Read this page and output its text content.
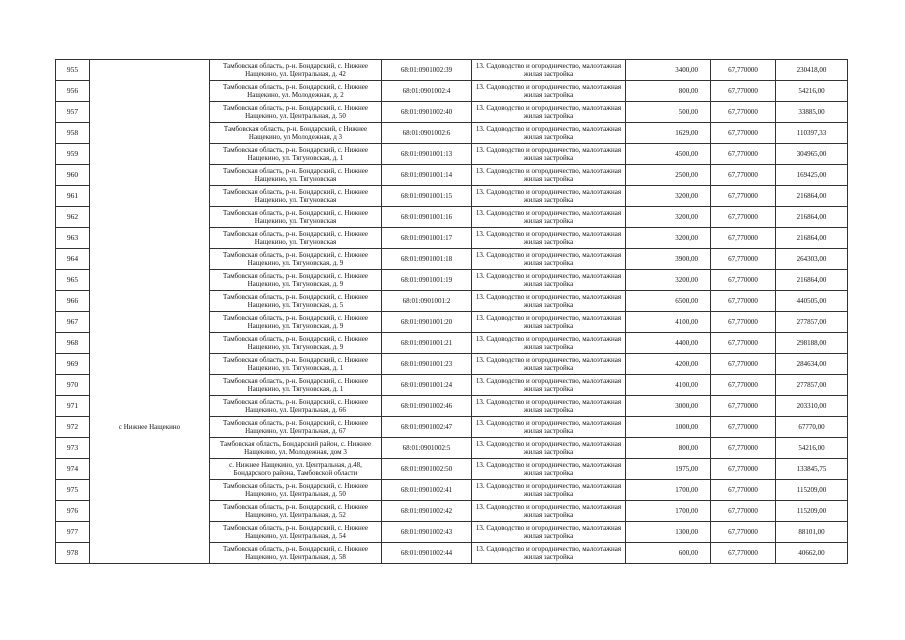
955		Тамбовская область, р-н. Бондарский, с. Нижнее Нащекино, ул. Центральная, д. 42	68:01:0901002:39	13. Садоводство и огородничество, малоэтажная жилая застройка	3400,00	67,770000	230418,00
956		Тамбовская область, р-н. Бондарский, с. Нижнее Нащекино, ул. Молодежная, д. 2	68:01:0901002:4	13. Садоводство и огородничество, малоэтажная жилая застройка	800,00	67,770000	54216,00
957		Тамбовская область, р-н. Бондарский, с. Нижнее Нащекино, ул. Центральная, д. 50	68:01:0901002:40	13. Садоводство и огородничество, малоэтажная жилая застройка	500,00	67,770000	33885,00
958		Тамбовская область, р-н. Бондарский, с Нижнее Нащекино, ул Молодежная, д 3	68:01:0901002:6	13. Садоводство и огородничество, малоэтажная жилая застройка	1629,00	67,770000	110397,33
959		Тамбовская область, р-н. Бондарский, с. Нижнее Нащекино, ул. Тягуновская, д. 1	68:01:0901001:13	13. Садоводство и огородничество, малоэтажная жилая застройка	4500,00	67,770000	304965,00
960		Тамбовская область, р-н. Бондарский, с. Нижнее Нащекино, ул. Тягуновская	68:01:0901001:14	13. Садоводство и огородничество, малоэтажная жилая застройка	2500,00	67,770000	169425,00
961		Тамбовская область, р-н. Бондарский, с. Нижнее Нащекино, ул. Тягуновская	68:01:0901001:15	13. Садоводство и огородничество, малоэтажная жилая застройка	3200,00	67,770000	216864,00
962		Тамбовская область, р-н. Бондарский, с. Нижнее Нащекино, ул. Тягуновская	68:01:0901001:16	13. Садоводство и огородничество, малоэтажная жилая застройка	3200,00	67,770000	216864,00
963		Тамбовская область, р-н. Бондарский, с. Нижнее Нащекино, ул. Тягуновская	68:01:0901001:17	13. Садоводство и огородничество, малоэтажная жилая застройка	3200,00	67,770000	216864,00
964		Тамбовская область, р-н. Бондарский, с. Нижнее Нащекино, ул. Тягуновская, д. 9	68:01:0901001:18	13. Садоводство и огородничество, малоэтажная жилая застройка	3900,00	67,770000	264303,00
965		Тамбовская область, р-н. Бондарский, с. Нижнее Нащекино, ул. Тягуновская, д. 9	68:01:0901001:19	13. Садоводство и огородничество, малоэтажная жилая застройка	3200,00	67,770000	216864,00
966		Тамбовская область, р-н. Бондарский, с. Нижнее Нащекино, ул. Тягуновская, д. 5	68:01:0901001:2	13. Садоводство и огородничество, малоэтажная жилая застройка	6500,00	67,770000	440505,00
967		Тамбовская область, р-н. Бондарский, с. Нижнее Нащекино, ул. Тягуновская, д. 9	68:01:0901001:20	13. Садоводство и огородничество, малоэтажная жилая застройка	4100,00	67,770000	277857,00
968		Тамбовская область, р-н. Бондарский, с. Нижнее Нащекино, ул. Тягуновская, д. 9	68:01:0901001:21	13. Садоводство и огородничество, малоэтажная жилая застройка	4400,00	67,770000	298188,00
969		Тамбовская область, р-н. Бондарский, с. Нижнее Нащекино, ул. Тягуновская, д. 1	68:01:0901001:23	13. Садоводство и огородничество, малоэтажная жилая застройка	4200,00	67,770000	284634,00
970		Тамбовская область, р-н. Бондарский, с. Нижнее Нащекино, ул. Тягуновская, д. 1	68:01:0901001:24	13. Садоводство и огородничество, малоэтажная жилая застройка	4100,00	67,770000	277857,00
971		Тамбовская область, р-н. Бондарский, с. Нижнее Нащекино, ул. Центральная, д. 66	68:01:0901002:46	13. Садоводство и огородничество, малоэтажная жилая застройка	3000,00	67,770000	203310,00
972	с Нижнее Нащекино	Тамбовская область, р-н. Бондарский, с. Нижнее Нащекино, ул. Центральная, д. 67	68:01:0901002:47	13. Садоводство и огородничество, малоэтажная жилая застройка	1000,00	67,770000	67770,00
973		Тамбовская область, Бондарский район, с. Нижнее Нащекино, ул. Молодежная, дом 3	68:01:0901002:5	13. Садоводство и огородничество, малоэтажная жилая застройка	800,00	67,770000	54216,00
974		с. Нижнее Нащекино, ул. Центральная, д.48, Бондарского района, Тамбовской области	68:01:0901002:50	13. Садоводство и огородничество, малоэтажная жилая застройка	1975,00	67,770000	133845,75
975		Тамбовская область, р-н. Бондарский, с. Нижнее Нащекино, ул. Центральная, д. 50	68:01:0901002:41	13. Садоводство и огородничество, малоэтажная жилая застройка	1700,00	67,770000	115209,00
976		Тамбовская область, р-н. Бондарский, с. Нижнее Нащекино, ул. Центральная, д. 52	68:01:0901002:42	13. Садоводство и огородничество, малоэтажная жилая застройка	1700,00	67,770000	115209,00
977		Тамбовская область, р-н. Бондарский, с. Нижнее Нащекино, ул. Центральная, д. 54	68:01:0901002:43	13. Садоводство и огородничество, малоэтажная жилая застройка	1300,00	67,770000	88101,00
978		Тамбовская область, р-н. Бондарский, с. Нижнее Нащекино, ул. Центральная, д. 58	68:01:0901002:44	13. Садоводство и огородничество, малоэтажная жилая застройка	600,00	67,770000	40662,00
